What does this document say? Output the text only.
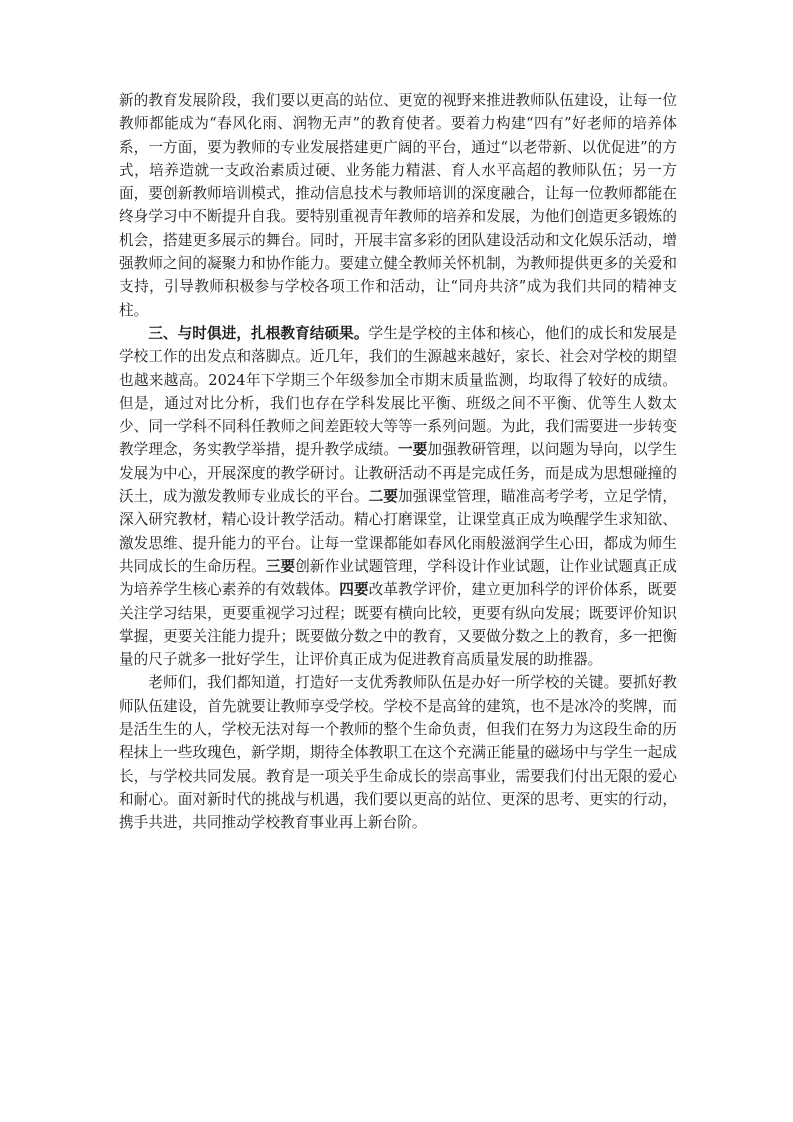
新的教育发展阶段，我们要以更高的站位、更宽的视野来推进教师队伍建设，让每一位教师都能成为“春风化雨、润物无声”的教育使者。要着力构建“四有”好老师的培养体系，一方面，要为教师的专业发展搭建更广阔的平台，通过“以老带新、以优促进”的方式，培养造就一支政治素质过硬、业务能力精湛、育人水平高超的教师队伍；另一方面，要创新教师培训模式，推动信息技术与教师培训的深度融合，让每一位教师都能在终身学习中不断提升自我。要特别重视青年教师的培养和发展，为他们创造更多锻炼的机会，搭建更多展示的舞台。同时，开展丰富多彩的团队建设活动和文化娱乐活动，增强教师之间的凝聚力和协作能力。要建立健全教师关怀机制，为教师提供更多的关爱和支持，引导教师积极参与学校各项工作和活动，让“同舟共济”成为我们共同的精神支柱。

三、与时俱进，扎根教育结硕果。学生是学校的主体和核心，他们的成长和发展是学校工作的出发点和落脚点。近几年，我们的生源越来越好，家长、社会对学校的期望也越来越高。2024年下学期三个年级参加全市期末质量监测，均取得了较好的成绩。但是，通过对比分析，我们也存在学科发展比平衡、班级之间不平衡、优等生人数太少、同一学科不同科任教师之间差距较大等等一系列问题。为此，我们需要进一步转变教学理念，务实教学举措，提升教学成绩。一要加强教研管理，以问题为导向，以学生发展为中心，开展深度的教学研讨。让教研活动不再是完成任务，而是成为思想碰撞的沃土，成为激发教师专业成长的平台。二要加强课堂管理，瞄准高考学考，立足学情，深入研究教材，精心设计教学活动。精心打磨课堂，让课堂真正成为唤醒学生求知欲、激发思维、提升能力的平台。让每一堂课都能如春风化雨般滋润学生心田，都成为师生共同成长的生命历程。三要创新作业试题管理，学科设计作业试题，让作业试题真正成为培养学生核心素养的有效载体。四要改革教学评价，建立更加科学的评价体系，既要关注学习结果，更要重视学习过程；既要有横向比较，更要有纵向发展；既要评价知识掌握，更要关注能力提升；既要做分数之中的教育，又要做分数之上的教育，多一把衡量的尺子就多一批好学生，让评价真正成为促进教育高质量发展的助推器。

老师们，我们都知道，打造好一支优秀教师队伍是办好一所学校的关键。要抓好教师队伍建设，首先就要让教师享受学校。学校不是高耸的建筑，也不是冰冷的奖牌，而是活生生的人，学校无法对每一个教师的整个生命负责，但我们在努力为这段生命的历程抹上一些玫瑰色，新学期，期待全体教职工在这个充满正能量的磁场中与学生一起成长，与学校共同发展。教育是一项关乎生命成长的崇高事业，需要我们付出无限的爱心和耐心。面对新时代的挑战与机遇，我们要以更高的站位、更深的思考、更实的行动，携手共进，共同推动学校教育事业再上新台阶。
